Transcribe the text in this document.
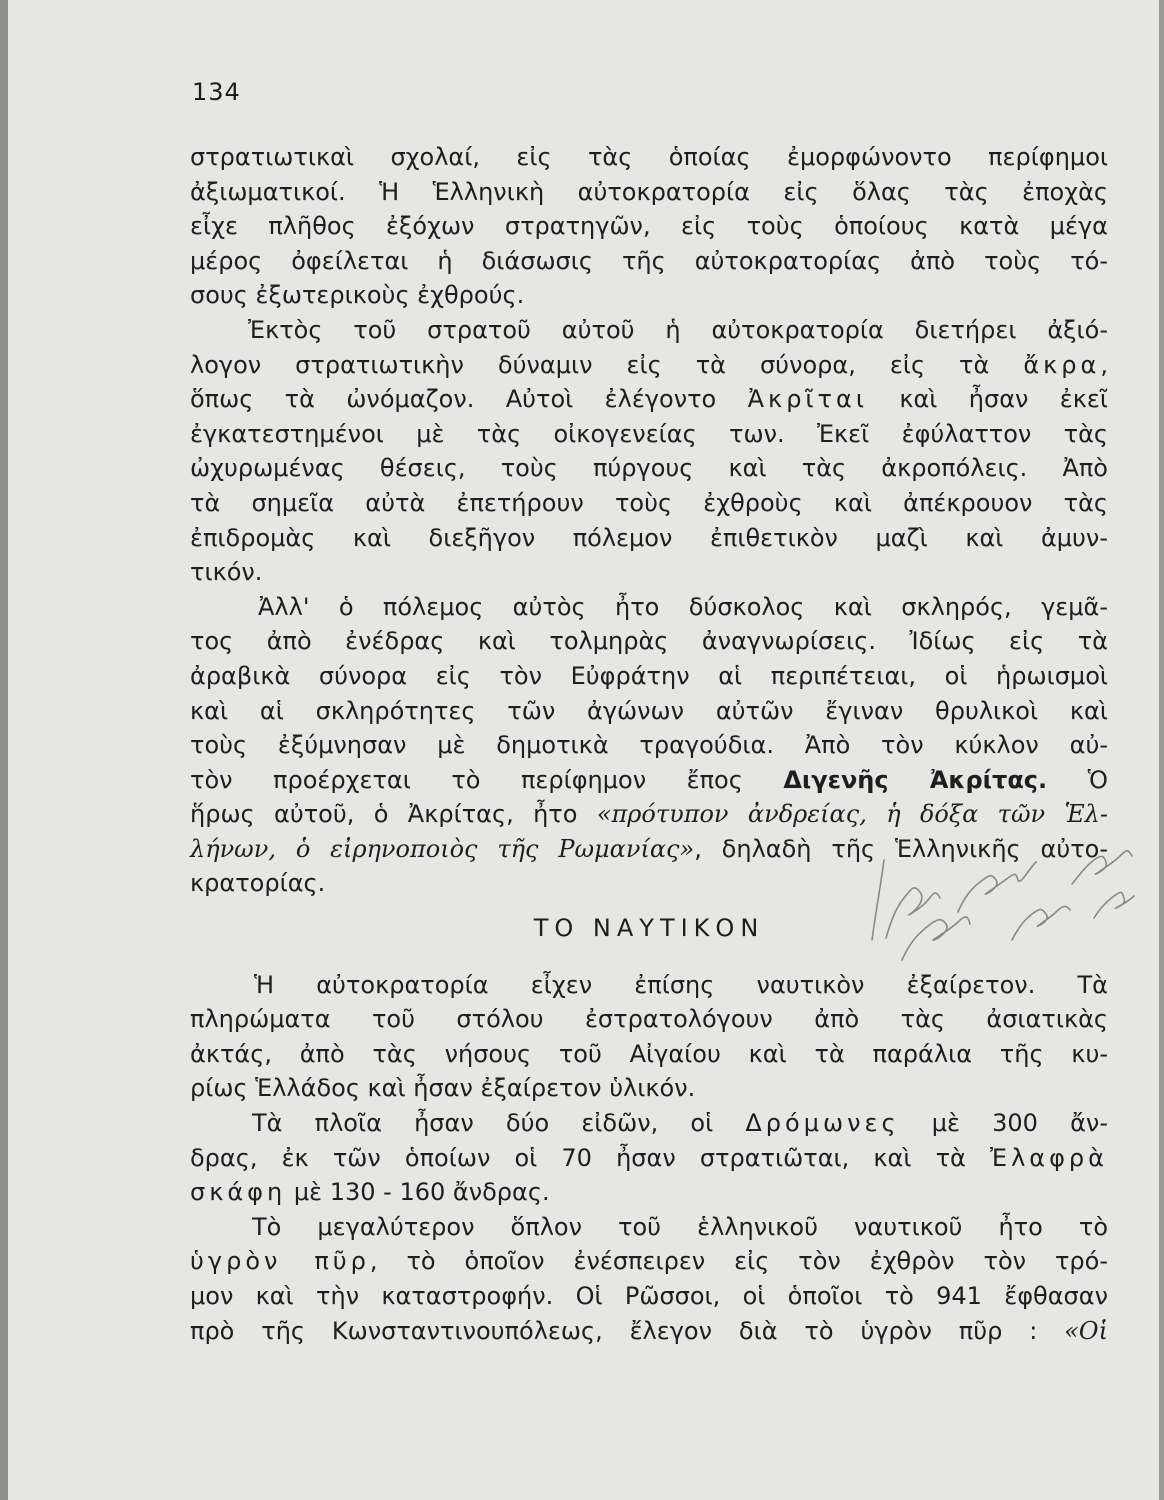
134
στρατιωτικαὶ σχολαί, εἰς τὰς ὁποίας ἐμορφώνοντο περίφημοι
ἀξιωματικοί. Ἡ Ἑλληνικὴ αὐτοκρατορία εἰς ὅλας τὰς ἐποχὰς
εἶχε πλῆθος ἐξόχων στρατηγῶν, εἰς τοὺς ὁποίους κατὰ μέγα
μέρος ὀφείλεται ἡ διάσωσις τῆς αὐτοκρατορίας ἀπὸ τοὺς τό-
σους ἐξωτερικοὺς ἐχθρούς.
Ἐκτὸς τοῦ στρατοῦ αὐτοῦ ἡ αὐτοκρατορία διετήρει ἀξιό-
λογον στρατιωτικὴν δύναμιν εἰς τὰ σύνορα, εἰς τὰ ἄκρα,
ὅπως τὰ ὠνόμαζον. Αὐτοὶ ἐλέγοντο Ἀκρῖται καὶ ἦσαν ἐκεῖ
ἐγκατεστημένοι μὲ τὰς οἰκογενείας των. Ἐκεῖ ἐφύλαττον τὰς
ὠχυρωμένας θέσεις, τοὺς πύργους καὶ τὰς ἀκροπόλεις. Ἀπὸ
τὰ σημεῖα αὐτὰ ἐπετήρουν τοὺς ἐχθροὺς καὶ ἀπέκρουον τὰς
ἐπιδρομὰς καὶ διεξῆγον πόλεμον ἐπιθετικὸν μαζὶ καὶ ἀμυν-
τικόν.
Ἀλλ' ὁ πόλεμος αὐτὸς ἦτο δύσκολος καὶ σκληρός, γεμᾶ-
τος ἀπὸ ἐνέδρας καὶ τολμηρὰς ἀναγνωρίσεις. Ἰδίως εἰς τὰ
ἀραβικὰ σύνορα εἰς τὸν Εὐφράτην αἱ περιπέτειαι, οἱ ἡρωισμοὶ
καὶ αἱ σκληρότητες τῶν ἀγώνων αὐτῶν ἔγιναν θρυλικοὶ καὶ
τοὺς ἐξύμνησαν μὲ δημοτικὰ τραγούδια. Ἀπὸ τὸν κύκλον αὐ-
τὸν προέρχεται τὸ περίφημον ἔπος Διγενῆς Ἀκρίτας. Ὁ
ἥρως αὐτοῦ, ὁ Ἀκρίτας, ἦτο «πρότυπον ἀνδρείας, ἡ δόξα τῶν Ἑλ-
λήνων, ὁ εἰρηνοποιὸς τῆς Ρωμανίας», δηλαδὴ τῆς Ἑλληνικῆς αὐτο-
κρατορίας.
ΤΟ ΝΑΥΤΙΚΟΝ
Ἡ αὐτοκρατορία εἶχεν ἐπίσης ναυτικὸν ἐξαίρετον. Τὰ
πληρώματα τοῦ στόλου ἐστρατολόγουν ἀπὸ τὰς ἀσιατικὰς
ἀκτάς, ἀπὸ τὰς νήσους τοῦ Αἰγαίου καὶ τὰ παράλια τῆς κυ-
ρίως Ἑλλάδος καὶ ἦσαν ἐξαίρετον ὑλικόν.
Τὰ πλοῖα ἦσαν δύο εἰδῶν, οἱ Δρόμωνες μὲ 300 ἄν-
δρας, ἐκ τῶν ὁποίων οἱ 70 ἦσαν στρατιῶται, καὶ τὰ Ἐλαφρὰ
σκάφη μὲ 130 - 160 ἄνδρας.
Τὸ μεγαλύτερον ὅπλον τοῦ ἑλληνικοῦ ναυτικοῦ ἦτο τὸ
ὑγρὸν πῦρ, τὸ ὁποῖον ἐνέσπειρεν εἰς τὸν ἐχθρὸν τὸν τρό-
μον καὶ τὴν καταστροφήν. Οἱ Ρῶσσοι, οἱ ὁποῖοι τὸ 941 ἔφθασαν
πρὸ τῆς Κωνσταντινουπόλεως, ἔλεγον διὰ τὸ ὑγρὸν πῦρ : «Οἱ
